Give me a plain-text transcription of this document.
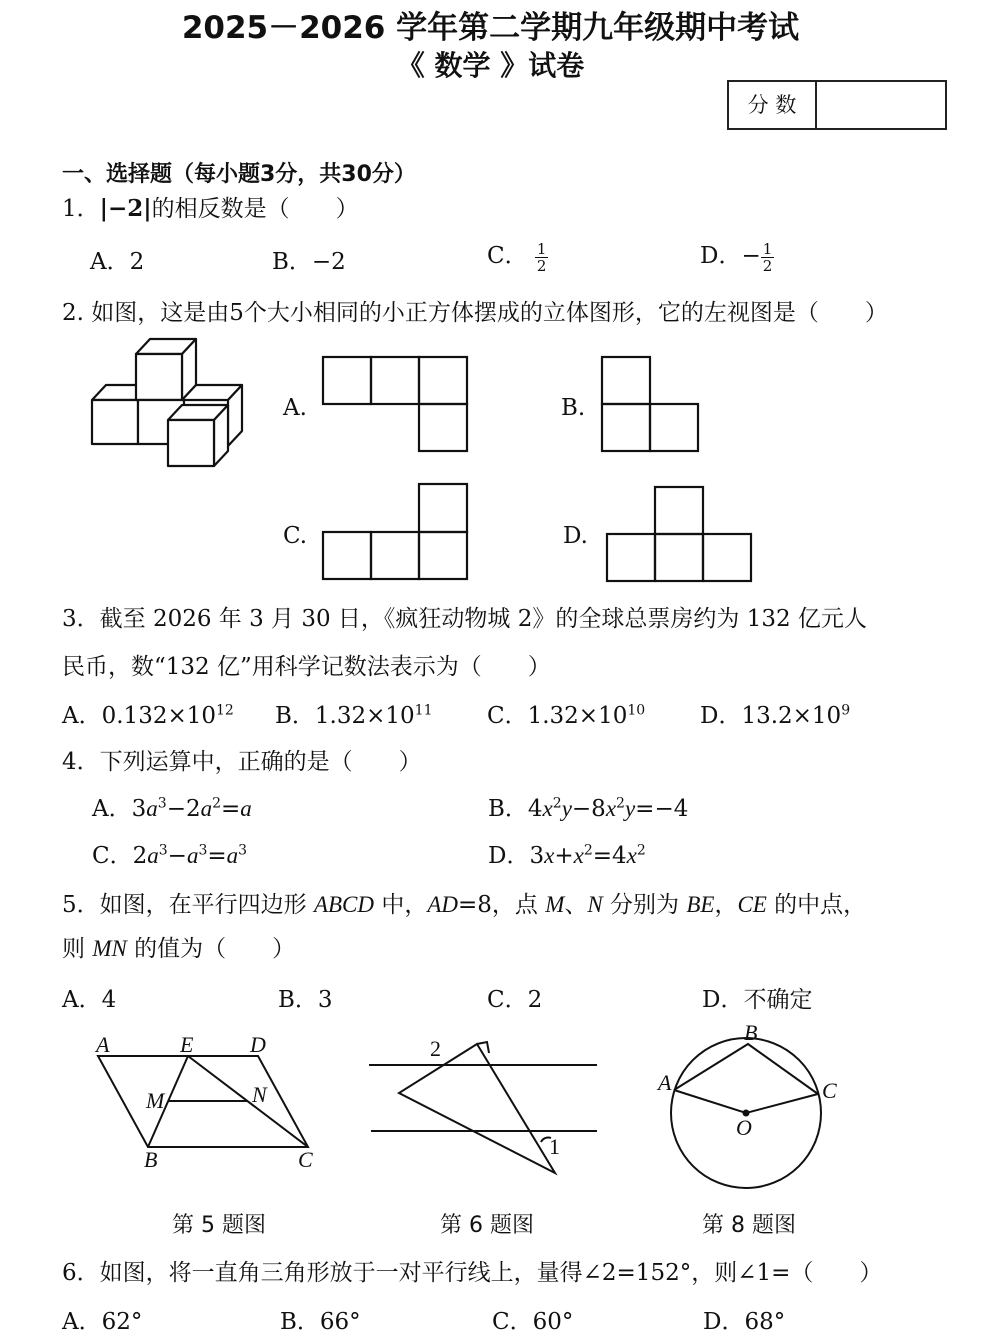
2025－2026 学年第二学期九年级期中考试
《 数学 》试卷
分 数
一、选择题（每小题3分，共30分）
1．|−2|的相反数是（　　）
A．2	B．−2	C． $\frac{1}{2}$	D．− $\frac{1}{2}$
2. 如图，这是由5个大小相同的小正方体摆成的立体图形，它的左视图是（　　）
A.	B.
C.	D.
3．截至 2026 年 3 月 30 日，《疯狂动物城 2》的全球总票房约为 132 亿元人
民币，数“132 亿”用科学记数法表示为（　　）
A．$0.132\times 10^{12}$ B．$1.32\times 10^{11}$ C．$1.32\times 10^{10}$ D．$13.2\times 10^9$
4．下列运算中，正确的是（　　）
A．$3a^3-2a^2=a$	B．$4x^2y-8x^2y=-4$
C．$2a^3-a^3=a^3$	D．$3x+x^2=4x^2$
5．如图，在平行四边形 ABCD 中，AD=8，点 M、N 分别为 BE，CE 的中点，
则 MN 的值为（　　）
A．4	B．3	C．2	D．不确定
A	E	D
M	N
B	C
第 5 题图
2
1
第 6 题图
A
B
C
O
第 8 题图
6．如图，将一直角三角形放于一对平行线上，量得∠2=152°，则∠1=（　　）
A．62°	B．66°	C．60°	D．68°
